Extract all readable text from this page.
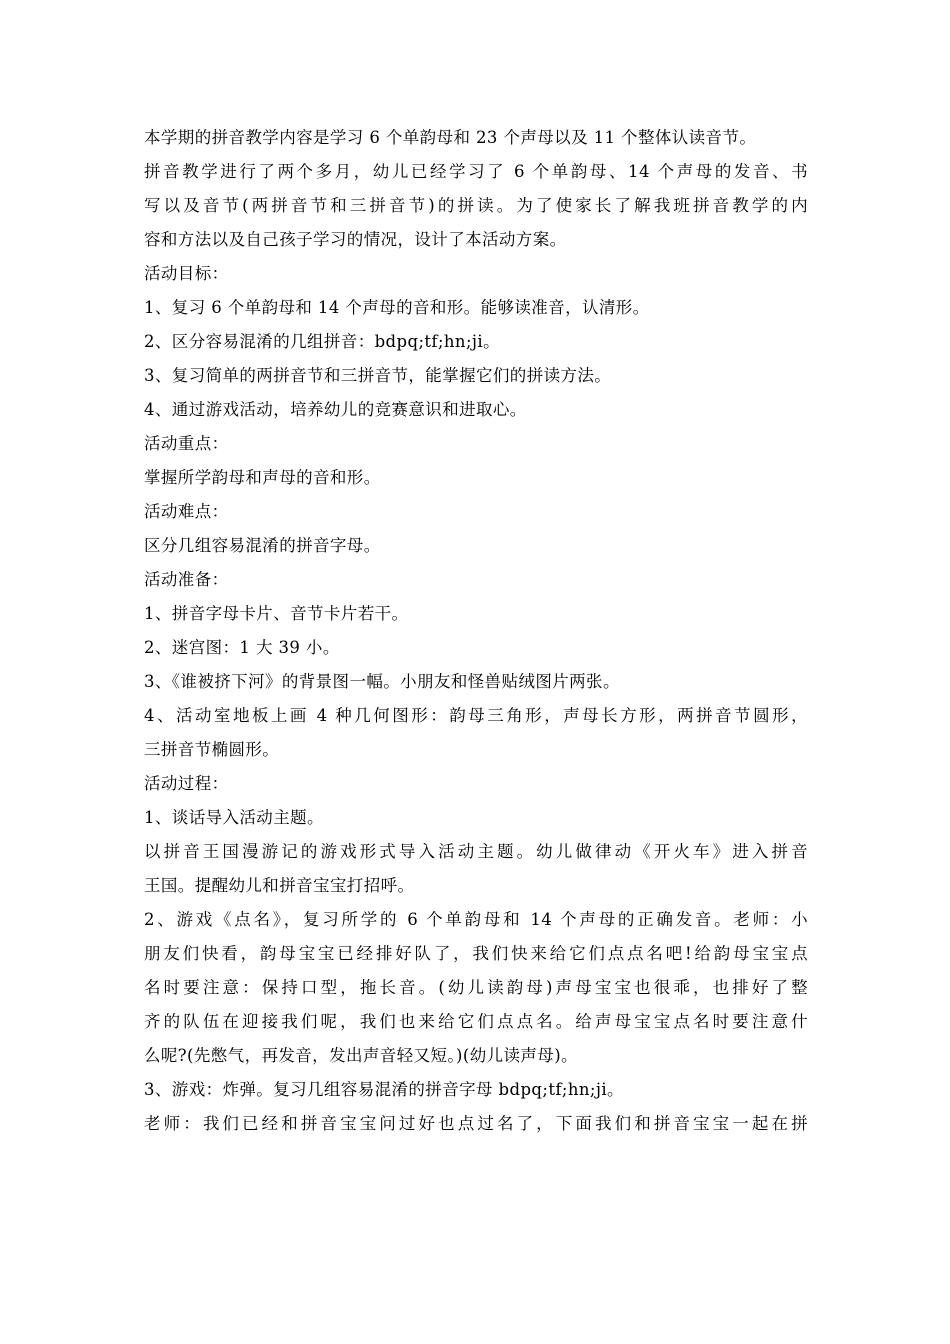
本学期的拼音教学内容是学习 6 个单韵母和 23 个声母以及 11 个整体认读音节。
拼音教学进行了两个多月，幼儿已经学习了 6 个单韵母、14 个声母的发音、书
写以及音节(两拼音节和三拼音节)的拼读。为了使家长了解我班拼音教学的内
容和方法以及自己孩子学习的情况，设计了本活动方案。
活动目标：
1、复习 6 个单韵母和 14 个声母的音和形。能够读准音，认清形。
2、区分容易混淆的几组拼音：bdpq;tf;hn;ji。
3、复习简单的两拼音节和三拼音节，能掌握它们的拼读方法。
4、通过游戏活动，培养幼儿的竞赛意识和进取心。
活动重点：
掌握所学韵母和声母的音和形。
活动难点：
区分几组容易混淆的拼音字母。
活动准备：
1、拼音字母卡片、音节卡片若干。
2、迷宫图：1 大 39 小。
3、《谁被挤下河》的背景图一幅。小朋友和怪兽贴绒图片两张。
4、活动室地板上画 4 种几何图形：韵母三角形，声母长方形，两拼音节圆形，
三拼音节椭圆形。
活动过程：
1、谈话导入活动主题。
以拼音王国漫游记的游戏形式导入活动主题。幼儿做律动《开火车》进入拼音
王国。提醒幼儿和拼音宝宝打招呼。
2、游戏《点名》，复习所学的 6 个单韵母和 14 个声母的正确发音。老师：小
朋友们快看，韵母宝宝已经排好队了，我们快来给它们点点名吧!给韵母宝宝点
名时要注意：保持口型，拖长音。(幼儿读韵母)声母宝宝也很乖，也排好了整
齐的队伍在迎接我们呢，我们也来给它们点点名。给声母宝宝点名时要注意什
么呢?(先憋气，再发音，发出声音轻又短。)(幼儿读声母)。
3、游戏：炸弹。复习几组容易混淆的拼音字母 bdpq;tf;hn;ji。
老师：我们已经和拼音宝宝问过好也点过名了，下面我们和拼音宝宝一起在拼
